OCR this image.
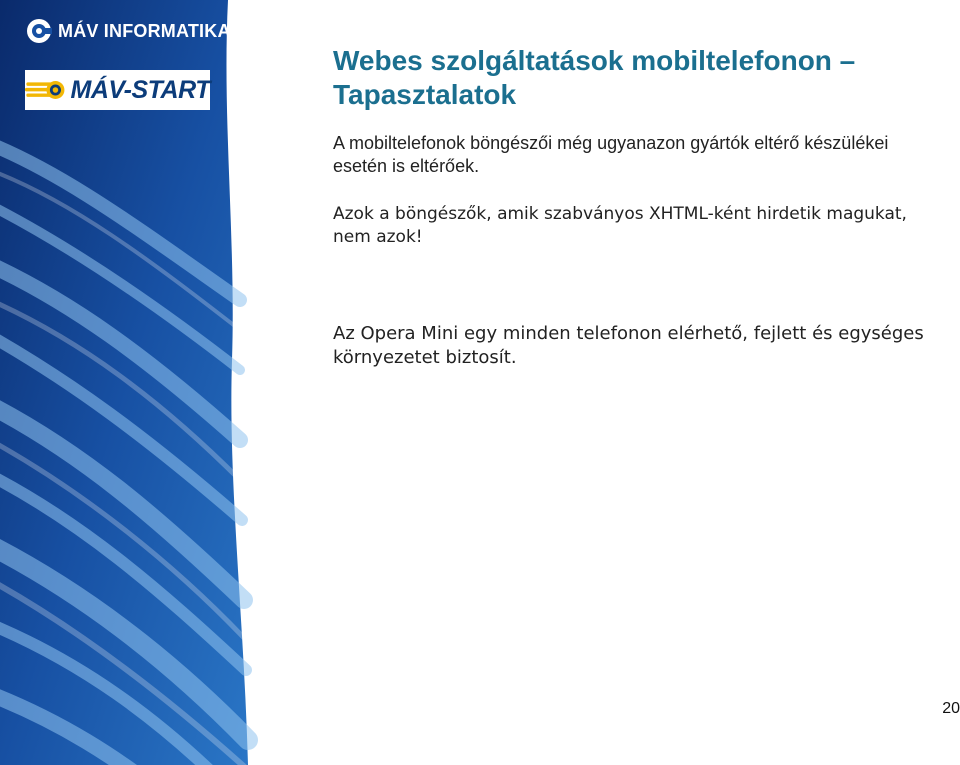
MÁV INFORMATIKA
MÁV-START
Webes szolgáltatások mobiltelefonon – Tapasztalatok

A mobiltelefonok böngészői még ugyanazon gyártók eltérő készülékei esetén is eltérőek.

Azok a böngészők, amik szabványos XHTML-ként hirdetik magukat, nem azok!

Az Opera Mini egy minden telefonon elérhető, fejlett és egységes környezetet biztosít.

20
